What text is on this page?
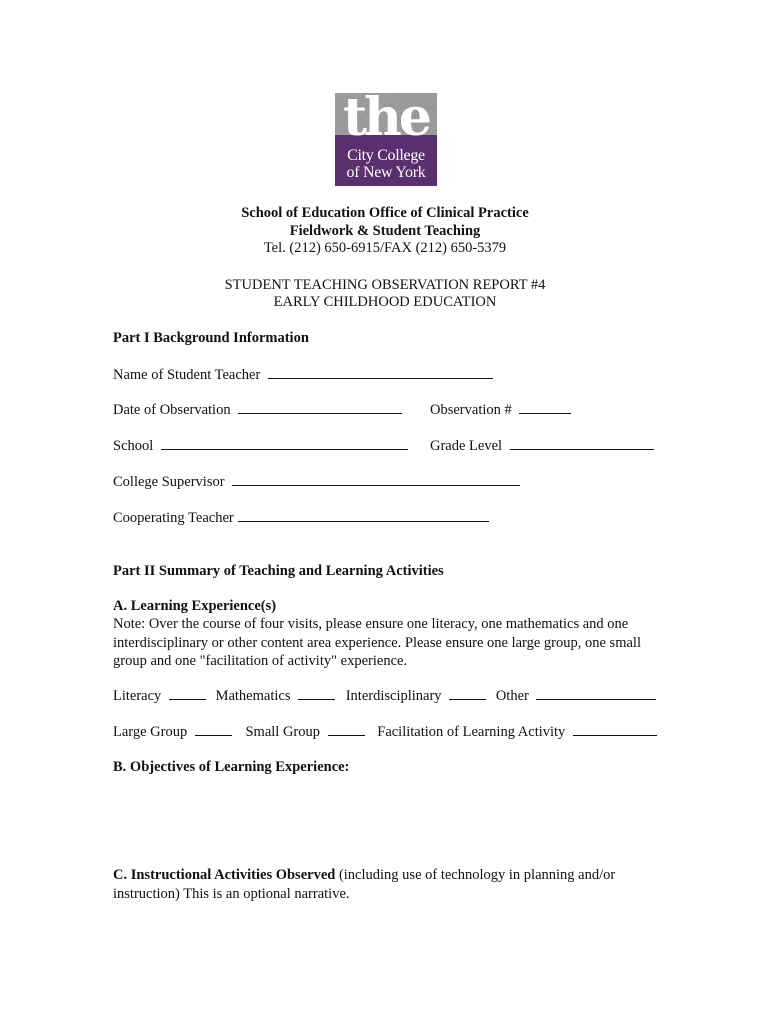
the
City College
of New York
School of Education Office of Clinical Practice
Fieldwork & Student Teaching
Tel. (212) 650-6915/FAX (212) 650-5379
STUDENT TEACHING OBSERVATION REPORT #4
EARLY CHILDHOOD EDUCATION
Part I Background Information
Name of Student Teacher
Date of Observation	Observation #
School	Grade Level
College Supervisor
Cooperating Teacher
Part II Summary of Teaching and Learning Activities
A. Learning Experience(s)
Note: Over the course of four visits, please ensure one literacy, one mathematics and one interdisciplinary or other content area experience. Please ensure one large group, one small group and one "facilitation of activity" experience.
Literacy	Mathematics	Interdisciplinary	Other
Large Group	Small Group	Facilitation of Learning Activity
B. Objectives of Learning Experience:
C. Instructional Activities Observed (including use of technology in planning and/or instruction) This is an optional narrative.
